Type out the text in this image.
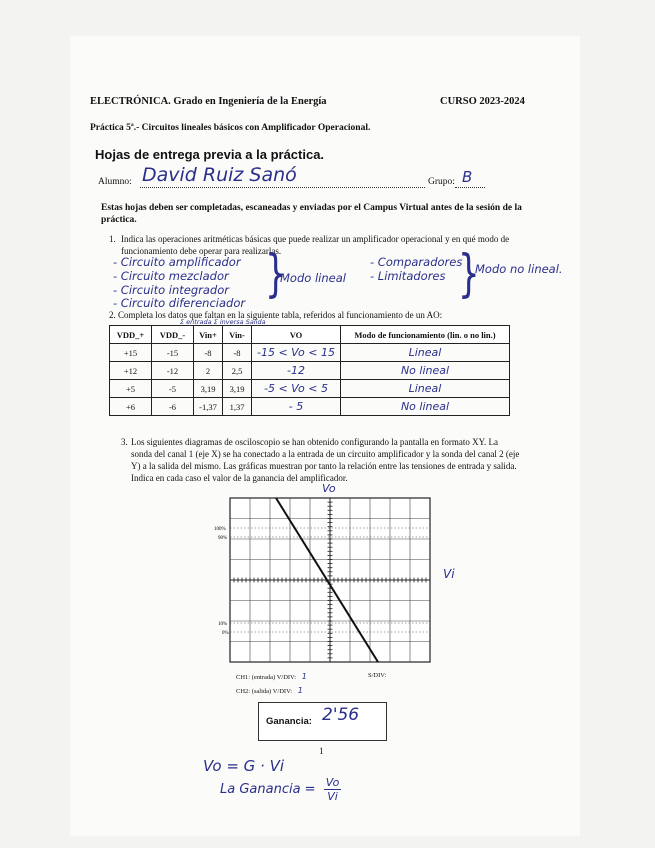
ELECTRÓNICA. Grado en Ingeniería de la Energía	CURSO 2023-2024
Práctica 5ª.- Circuitos lineales básicos con Amplificador Operacional.
Hojas de entrega previa a la práctica.
Alumno: David Ruiz Sanó	Grupo: B
Estas hojas deben ser completadas, escaneadas y enviadas por el Campus Virtual antes de la sesión de la práctica.
1. Indica las operaciones aritméticas básicas que puede realizar un amplificador operacional y en qué modo de funcionamiento debe operar para realizarlas.
- Circuito amplificador
- Circuito mezclador
- Circuito integrador
- Circuito diferenciador }
Modo lineal
- Comparadores
- Limitadores }
Modo no lineal.
2. Completa los datos que faltan en la siguiente tabla, referidos al funcionamiento de un AO:
Σ entrada Σ inversa Salida
VDD_+	VDD_-	Vin+	Vin-	VO	Modo de funcionamiento (lin. o no lin.)
+15	-15	-8	-8	-15 < Vo < 15	Lineal
+12	-12	2	2,5	-12	No lineal
+5	-5	3,19	3,19	-5 < Vo < 5	Lineal
+6	-6	-1,37	1,37	- 5	No lineal
3. Los siguientes diagramas de osciloscopio se han obtenido configurando la pantalla en formato XY. La sonda del canal 1 (eje X) se ha conectado a la entrada de un circuito amplificador y la sonda del canal 2 (eje Y) a la salida del mismo. Las gráficas muestran por tanto la relación entre las tensiones de entrada y salida. Indica en cada caso el valor de la ganancia del amplificador.
100%
90%
10%
0%
Vo
Vi
CH1: (entrada) V/DIV: 1	S/DIV:
CH2: (salida) V/DIV: 1
Ganancia: 2'56
1
Vo = G · Vi
La Ganancia = $\frac{Vo}{Vi}$
